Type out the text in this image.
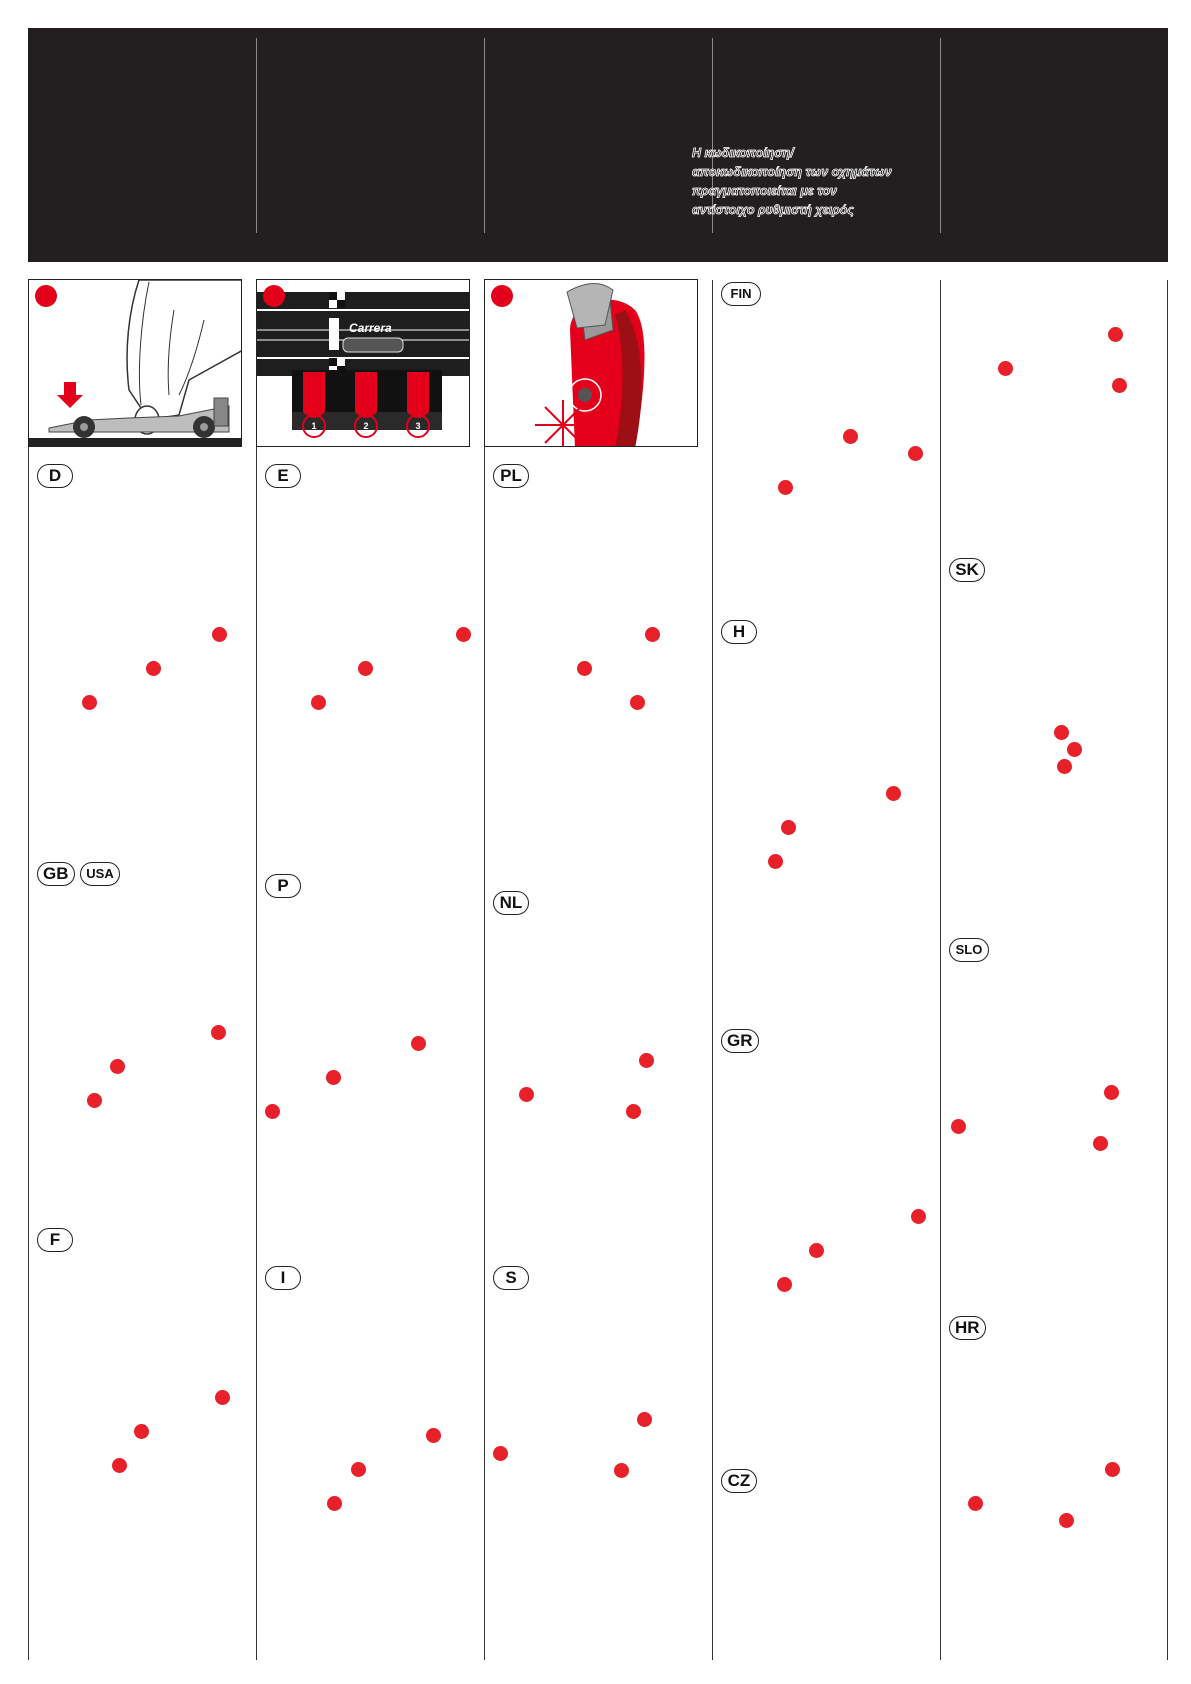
Η κωδικοποίηση/
αποκωδικοποίηση των οχημάτων
πραγματοποιείται με τον
αντίστοιχο ρυθμιστή χειρός
Carrera
1	2	3
D
GB	USA
F
E
P
I
PL
NL
S
FIN
H
GR
CZ
SK
SLO
HR
